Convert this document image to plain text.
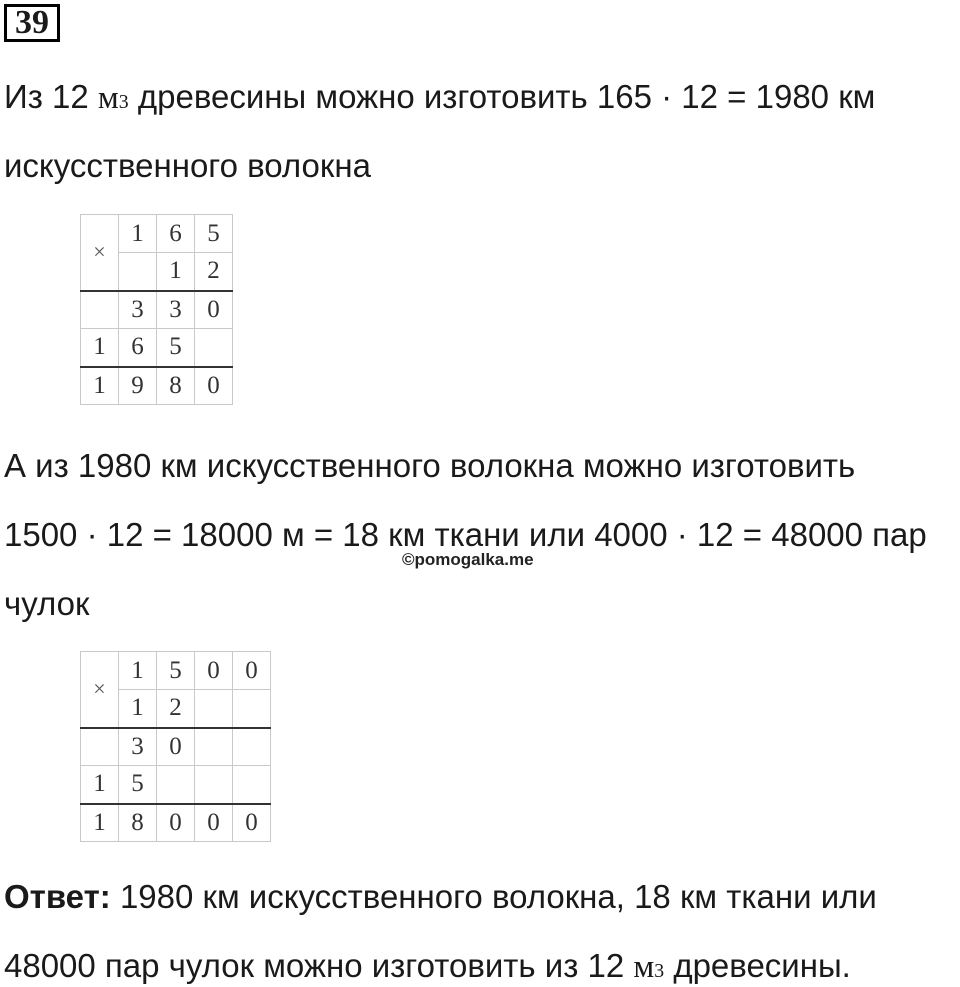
39
Из 12 $м^3$ древесины можно изготовить 165 · 12 = 1980 км
искусственного волокна
×	1	6	5
		1	2
	3	3	0
1	6	5	
1	9	8	0
А из 1980 км искусственного волокна можно изготовить
1500 · 12 = 18000 м = 18 км ткани или 4000 · 12 = 48000 пар
©pomogalka.me
чулок
×	1	5	0	0
	1	2		
	3	0		
1	5			
1	8	0	0	0
Ответ: 1980 км искусственного волокна, 18 км ткани или
48000 пар чулок можно изготовить из 12 $м^3$ древесины.
